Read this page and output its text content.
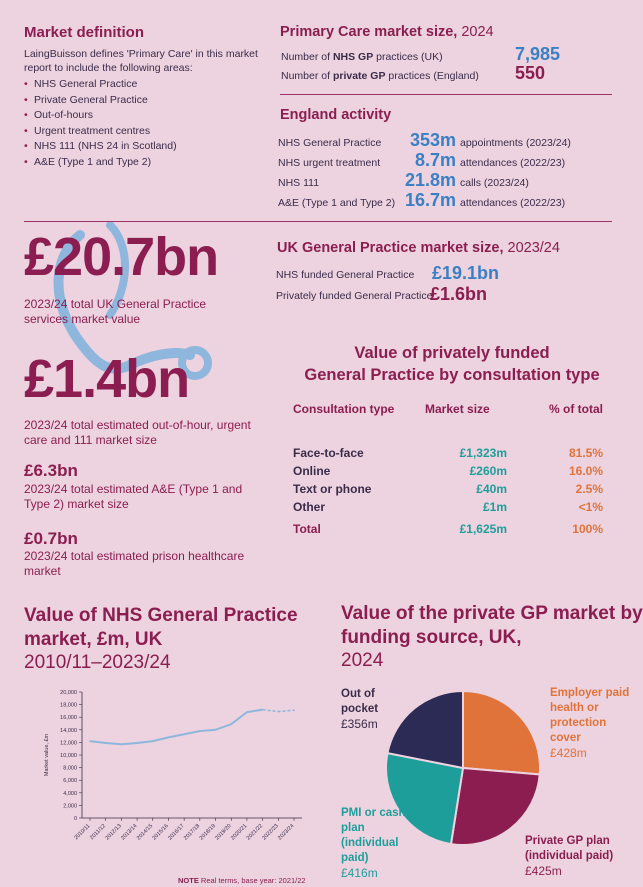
Market definition
LaingBuisson defines 'Primary Care' in this market report to include the following areas:
• NHS General Practice
• Private General Practice
• Out-of-hours
• Urgent treatment centres
• NHS 111 (NHS 24 in Scotland)
• A&E (Type 1 and Type 2)
Primary Care market size, 2024
Number of NHS GP practices (UK)	7,985
Number of private GP practices (England) 550
England activity
NHS General Practice 353m appointments (2023/24)
NHS urgent treatment 8.7m attendances (2022/23)
NHS 111	21.8m calls (2023/24)
A&E (Type 1 and Type 2) 16.7m attendances (2022/23)
£20.7bn
2023/24 total UK General Practice services market value
£1.4bn
2023/24 total estimated out-of-hour, urgent care and 111 market size
£6.3bn
2023/24 total estimated A&E (Type 1 and Type 2) market size
£0.7bn
2023/24 total estimated prison healthcare market
UK General Practice market size, 2023/24
NHS funded General Practice £19.1bn
Privately funded General Practice
£1.6bn
Value of privately funded
General Practice by consultation type
Consultation type	Market size	% of total
Face-to-face	£1,323m	81.5%
Online	£260m	16.0%
Text or phone	£40m	2.5%
Other	£1m	<1%
Total	£1,625m	100%
Value of NHS General Practice
market, £m, UK
2010/11–2023/24
0
2,000
4,000
6,000
8,000
10,000
12,000
14,000
16,000
18,000
20,000
2010/11
2011/12
2012/13
2013/14
2014/15
2015/16
2016/17
2017/18
2018/19
2019/20
2020/21
2021/22
2022/23
2023/24
Market value, £m
NOTE Real terms, base year: 2021/22
Value of the private GP market by
funding source, UK,
2024
Out of pocket
£356m
Employer paid health or protection cover
£428m
Private GP plan (individual paid)
£425m
PMI or cash plan (individual paid)
£416m
